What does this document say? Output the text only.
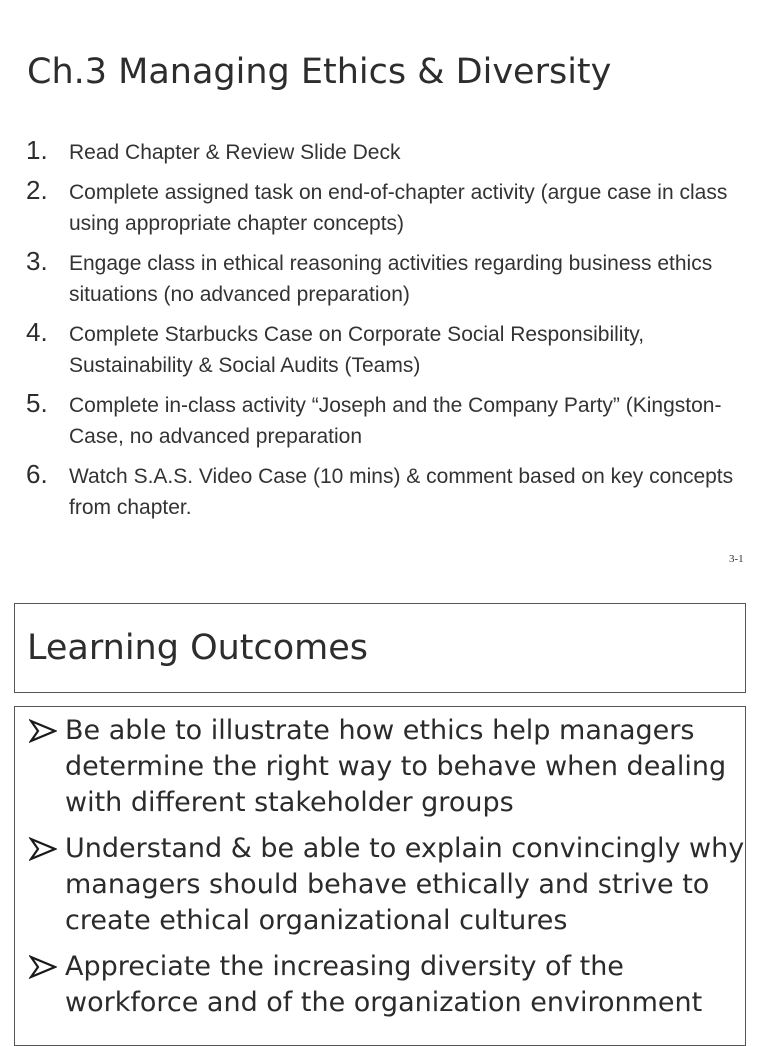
Ch.3 Managing Ethics & Diversity
1.	Read Chapter & Review Slide Deck
2.	Complete assigned task on end-of-chapter activity (argue case in class using appropriate chapter concepts)
3.	Engage class in ethical reasoning activities regarding business ethics situations (no advanced preparation)
4.	Complete Starbucks Case on Corporate Social Responsibility, Sustainability & Social Audits (Teams)
5.	Complete in-class activity “Joseph and the Company Party” (Kingston-Case, no advanced preparation
6.	Watch S.A.S. Video Case (10 mins) & comment based on key concepts from chapter.
3-1
Learning Outcomes
Be able to illustrate how ethics help managers determine the right way to behave when dealing with different stakeholder groups
Understand & be able to explain convincingly why managers should behave ethically and strive to create ethical organizational cultures
Appreciate the increasing diversity of the workforce and of the organization environment
